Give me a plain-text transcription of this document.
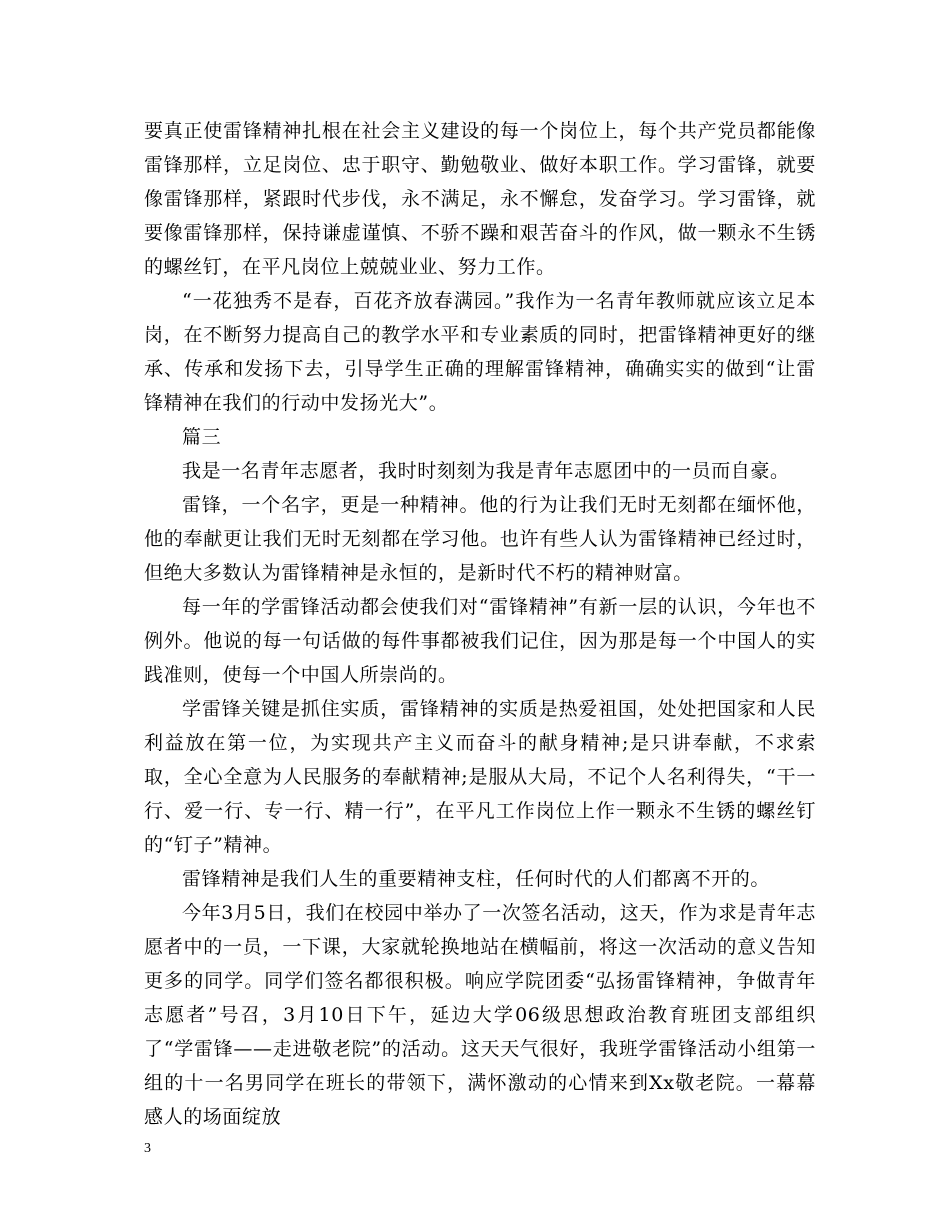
要真正使雷锋精神扎根在社会主义建设的每一个岗位上，每个共产党员都能像雷锋那样，立足岗位、忠于职守、勤勉敬业、做好本职工作。学习雷锋，就要像雷锋那样，紧跟时代步伐，永不满足，永不懈怠，发奋学习。学习雷锋，就要像雷锋那样，保持谦虚谨慎、不骄不躁和艰苦奋斗的作风，做一颗永不生锈的螺丝钉，在平凡岗位上兢兢业业、努力工作。

“一花独秀不是春，百花齐放春满园。”我作为一名青年教师就应该立足本岗，在不断努力提高自己的教学水平和专业素质的同时，把雷锋精神更好的继承、传承和发扬下去，引导学生正确的理解雷锋精神，确确实实的做到“让雷锋精神在我们的行动中发扬光大”。

篇三

我是一名青年志愿者，我时时刻刻为我是青年志愿团中的一员而自豪。

雷锋，一个名字，更是一种精神。他的行为让我们无时无刻都在缅怀他，他的奉献更让我们无时无刻都在学习他。也许有些人认为雷锋精神已经过时，但绝大多数认为雷锋精神是永恒的，是新时代不朽的精神财富。

每一年的学雷锋活动都会使我们对“雷锋精神”有新一层的认识，今年也不例外。他说的每一句话做的每件事都被我们记住，因为那是每一个中国人的实践准则，使每一个中国人所崇尚的。

学雷锋关键是抓住实质，雷锋精神的实质是热爱祖国，处处把国家和人民利益放在第一位，为实现共产主义而奋斗的献身精神;是只讲奉献，不求索取，全心全意为人民服务的奉献精神;是服从大局，不记个人名利得失，“干一行、爱一行、专一行、精一行”，在平凡工作岗位上作一颗永不生锈的螺丝钉的“钉子”精神。

雷锋精神是我们人生的重要精神支柱，任何时代的人们都离不开的。

今年3月5日，我们在校园中举办了一次签名活动，这天，作为求是青年志愿者中的一员，一下课，大家就轮换地站在横幅前，将这一次活动的意义告知更多的同学。同学们签名都很积极。响应学院团委“弘扬雷锋精神，争做青年志愿者”号召，3月10日下午，延边大学06级思想政治教育班团支部组织了“学雷锋——走进敬老院”的活动。这天天气很好，我班学雷锋活动小组第一组的十一名男同学在班长的带领下，满怀激动的心情来到Xx敬老院。一幕幕感人的场面绽放

3
